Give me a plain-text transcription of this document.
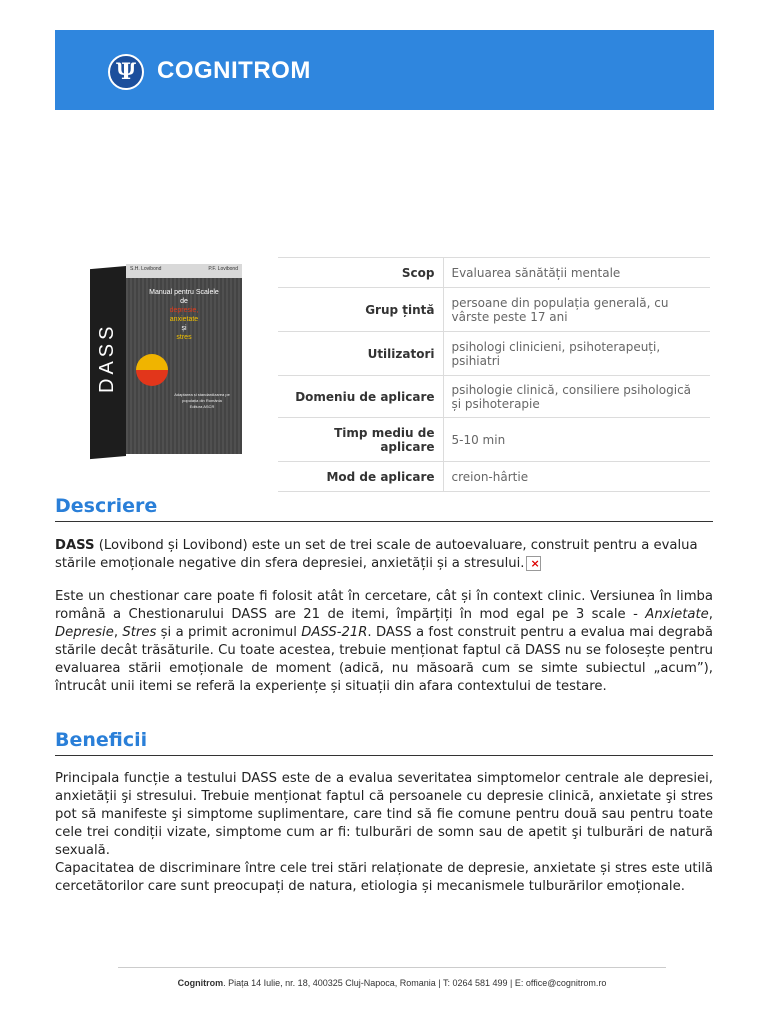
Ψ COGNITROM
S.H. Lovibond	P.F. Lovibond
Manual pentru Scalele
de
depresie,
anxietate
și
stres
Adaptarea și standardizarea pe populația din România
Editura ASCR
DASS
Scop	Evaluarea sănătății mentale
Grup țintă	persoane din populația generală, cu vârste peste 17 ani
Utilizatori	psihologi clinicieni, psihoterapeuți, psihiatri
Domeniu de aplicare	psihologie clinică, consiliere psihologică și psihoterapie
Timp mediu de aplicare	5-10 min
Mod de aplicare	creion-hârtie
Descriere
DASS (Lovibond și Lovibond) este un set de trei scale de autoevaluare, construit pentru a evalua stările emoționale negative din sfera depresiei, anxietății și a stresului. ×
Este un chestionar care poate fi folosit atât în cercetare, cât și în context clinic. Versiunea în limba română a Chestionarului DASS are 21 de itemi, împărțiți în mod egal pe 3 scale - Anxietate, Depresie, Stres și a primit acronimul DASS-21R. DASS a fost construit pentru a evalua mai degrabă stările decât trăsăturile. Cu toate acestea, trebuie menționat faptul că DASS nu se folosește pentru evaluarea stării emoționale de moment (adică, nu măsoară cum se simte subiectul „acum”), întrucât unii itemi se referă la experiențe și situații din afara contextului de testare.
Beneficii
Principala funcție a testului DASS este de a evalua severitatea simptomelor centrale ale depresiei, anxietății şi stresului. Trebuie menționat faptul că persoanele cu depresie clinică, anxietate şi stres pot să manifeste şi simptome suplimentare, care tind să fie comune pentru două sau pentru toate cele trei condiții vizate, simptome cum ar fi: tulburări de somn sau de apetit şi tulburări de natură sexuală.
Capacitatea de discriminare între cele trei stări relaționate de depresie, anxietate și stres este utilă cercetătorilor care sunt preocupați de natura, etiologia și mecanismele tulburărilor emoționale.
Cognitrom. Piața 14 Iulie, nr. 18, 400325 Cluj-Napoca, Romania | T: 0264 581 499 | E: office@cognitrom.ro
